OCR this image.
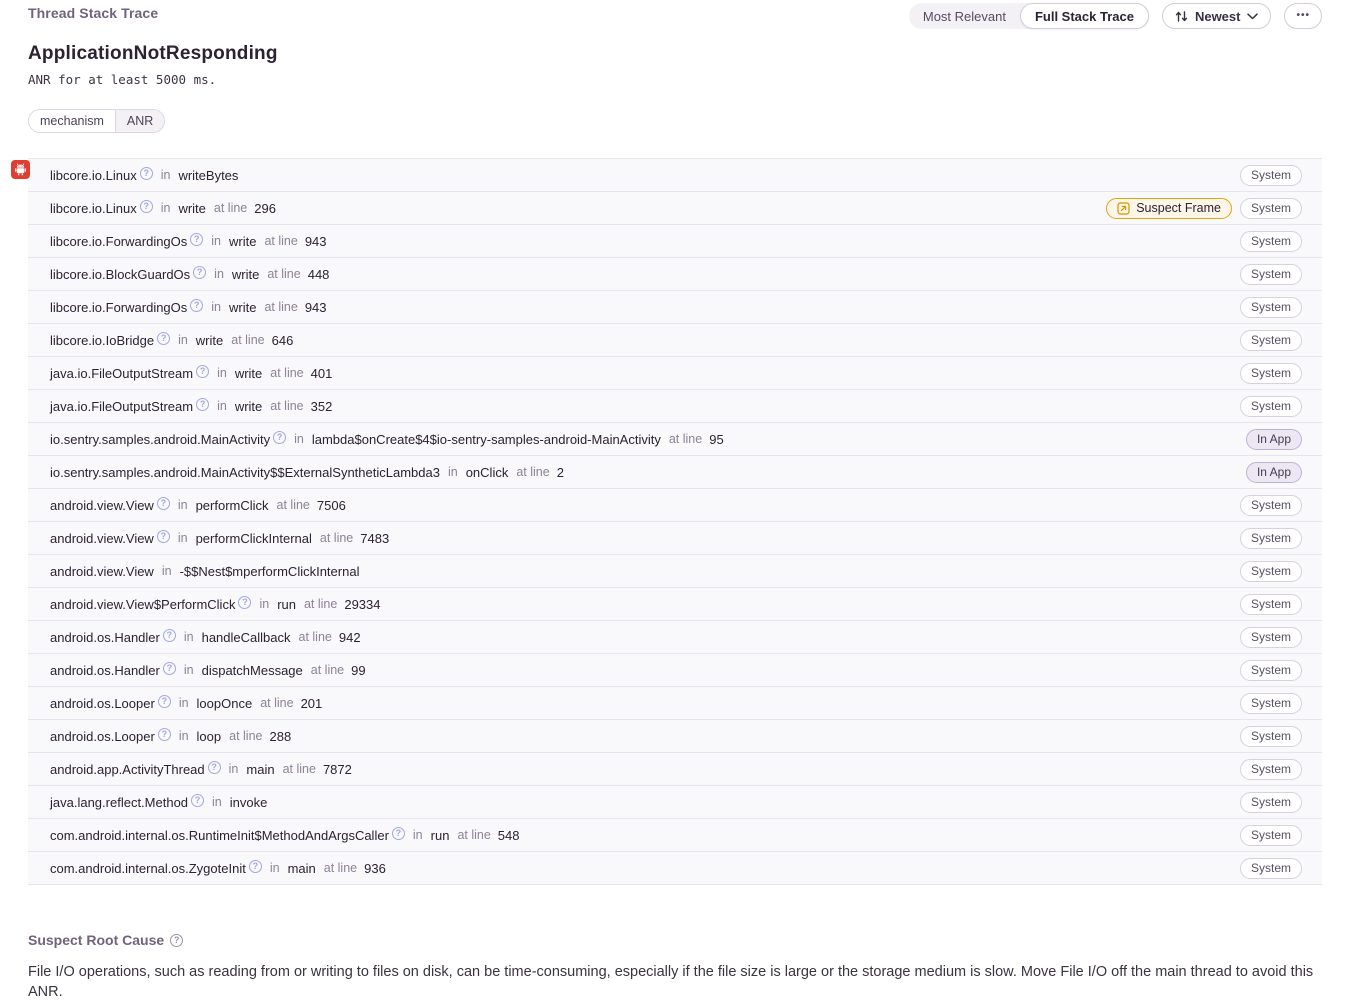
Thread Stack Trace	Most Relevant	Full Stack Trace	Newest	•••
ApplicationNotResponding
ANR for at least 5000 ms.
mechanism	ANR
libcore.io.Linux ? in writeBytes	System
libcore.io.Linux ? in write at line 296	Suspect Frame	System
libcore.io.ForwardingOs ? in write at line 943	System
libcore.io.BlockGuardOs ? in write at line 448	System
libcore.io.ForwardingOs ? in write at line 943	System
libcore.io.IoBridge ? in write at line 646	System
java.io.FileOutputStream ? in write at line 401	System
java.io.FileOutputStream ? in write at line 352	System
io.sentry.samples.android.MainActivity ? in lambda$onCreate$4$io-sentry-samples-android-MainActivity at line 95	In App
io.sentry.samples.android.MainActivity$$ExternalSyntheticLambda3 in onClick at line 2	In App
android.view.View ? in performClick at line 7506	System
android.view.View ? in performClickInternal at line 7483	System
android.view.View in -$$Nest$mperformClickInternal	System
android.view.View$PerformClick ? in run at line 29334	System
android.os.Handler ? in handleCallback at line 942	System
android.os.Handler ? in dispatchMessage at line 99	System
android.os.Looper ? in loopOnce at line 201	System
android.os.Looper ? in loop at line 288	System
android.app.ActivityThread ? in main at line 7872	System
java.lang.reflect.Method ? in invoke	System
com.android.internal.os.RuntimeInit$MethodAndArgsCaller ? in run at line 548	System
com.android.internal.os.ZygoteInit ? in main at line 936	System
Suspect Root Cause	?

File I/O operations, such as reading from or writing to files on disk, can be time-consuming, especially if the file size is large or the storage medium is slow. Move File I/O off the main thread to avoid this ANR.
